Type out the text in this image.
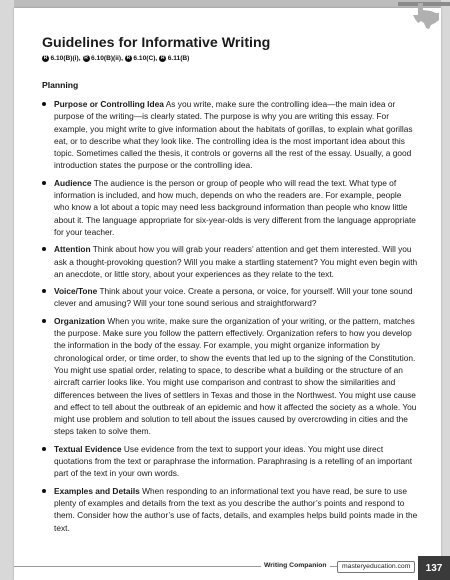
Guidelines for Informative Writing
R 6.10(B)(i), R 6.10(B)(ii), R 6.10(C), R 6.11(B)
Planning
Purpose or Controlling Idea As you write, make sure the controlling idea—the main idea or purpose of the writing—is clearly stated. The purpose is why you are writing this essay. For example, you might write to give information about the habitats of gorillas, to explain what gorillas eat, or to describe what they look like. The controlling idea is the most important idea about this topic. Sometimes called the thesis, it controls or governs all the rest of the essay. Usually, a good introduction states the purpose or the controlling idea.
Audience The audience is the person or group of people who will read the text. What type of information is included, and how much, depends on who the readers are. For example, people who know a lot about a topic may need less background information than people who know little about it. The language appropriate for six-year-olds is very different from the language appropriate for your teacher.
Attention Think about how you will grab your readers’ attention and get them interested. Will you ask a thought-provoking question? Will you make a startling statement? You might even begin with an anecdote, or little story, about your experiences as they relate to the text.
Voice/Tone Think about your voice. Create a persona, or voice, for yourself. Will your tone sound clever and amusing? Will your tone sound serious and straightforward?
Organization When you write, make sure the organization of your writing, or the pattern, matches the purpose. Make sure you follow the pattern effectively. Organization refers to how you develop the information in the body of the essay. For example, you might organize information by chronological order, or time order, to show the events that led up to the signing of the Constitution. You might use spatial order, relating to space, to describe what a building or the structure of an aircraft carrier looks like. You might use comparison and contrast to show the similarities and differences between the lives of settlers in Texas and those in the Northwest. You might use cause and effect to tell about the outbreak of an epidemic and how it affected the society as a whole. You might use problem and solution to tell about the issues caused by overcrowding in cities and the steps taken to solve them.
Textual Evidence Use evidence from the text to support your ideas. You might use direct quotations from the text or paraphrase the information. Paraphrasing is a retelling of an important part of the text in your own words.
Examples and Details When responding to an informational text you have read, be sure to use plenty of examples and details from the text as you describe the author’s points and respond to them. Consider how the author’s use of facts, details, and examples helps build points made in the text.
Writing Companion	masteryeducation.com	137
